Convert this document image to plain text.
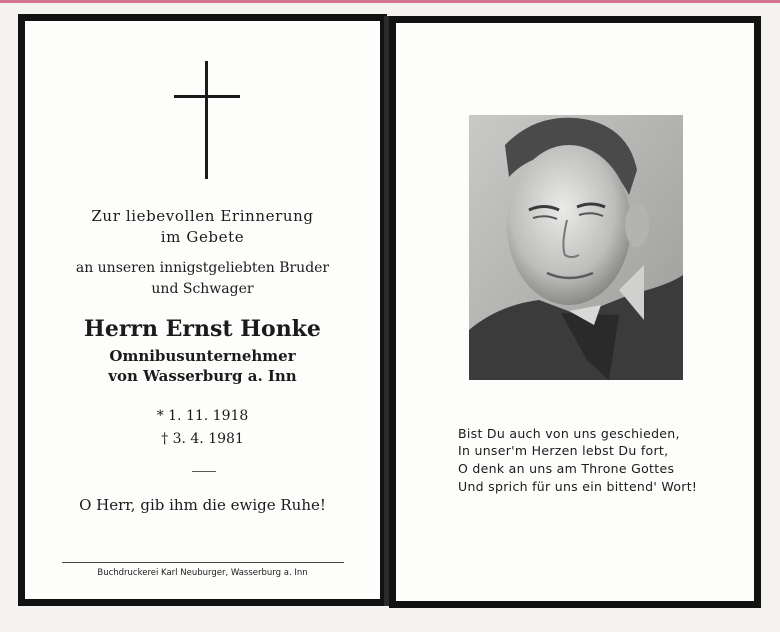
Zur liebevollen Erinnerung
im Gebete
an unseren innigstgeliebten Bruder
und Schwager
Herrn Ernst Honke
Omnibusunternehmer
von Wasserburg a. Inn
* 1. 11. 1918
† 3. 4. 1981
O Herr, gib ihm die ewige Ruhe!
Buchdruckerei Karl Neuburger, Wasserburg a. Inn
Bist Du auch von uns geschieden,
In unser'm Herzen lebst Du fort,
O denk an uns am Throne Gottes
Und sprich für uns ein bittend' Wort!
